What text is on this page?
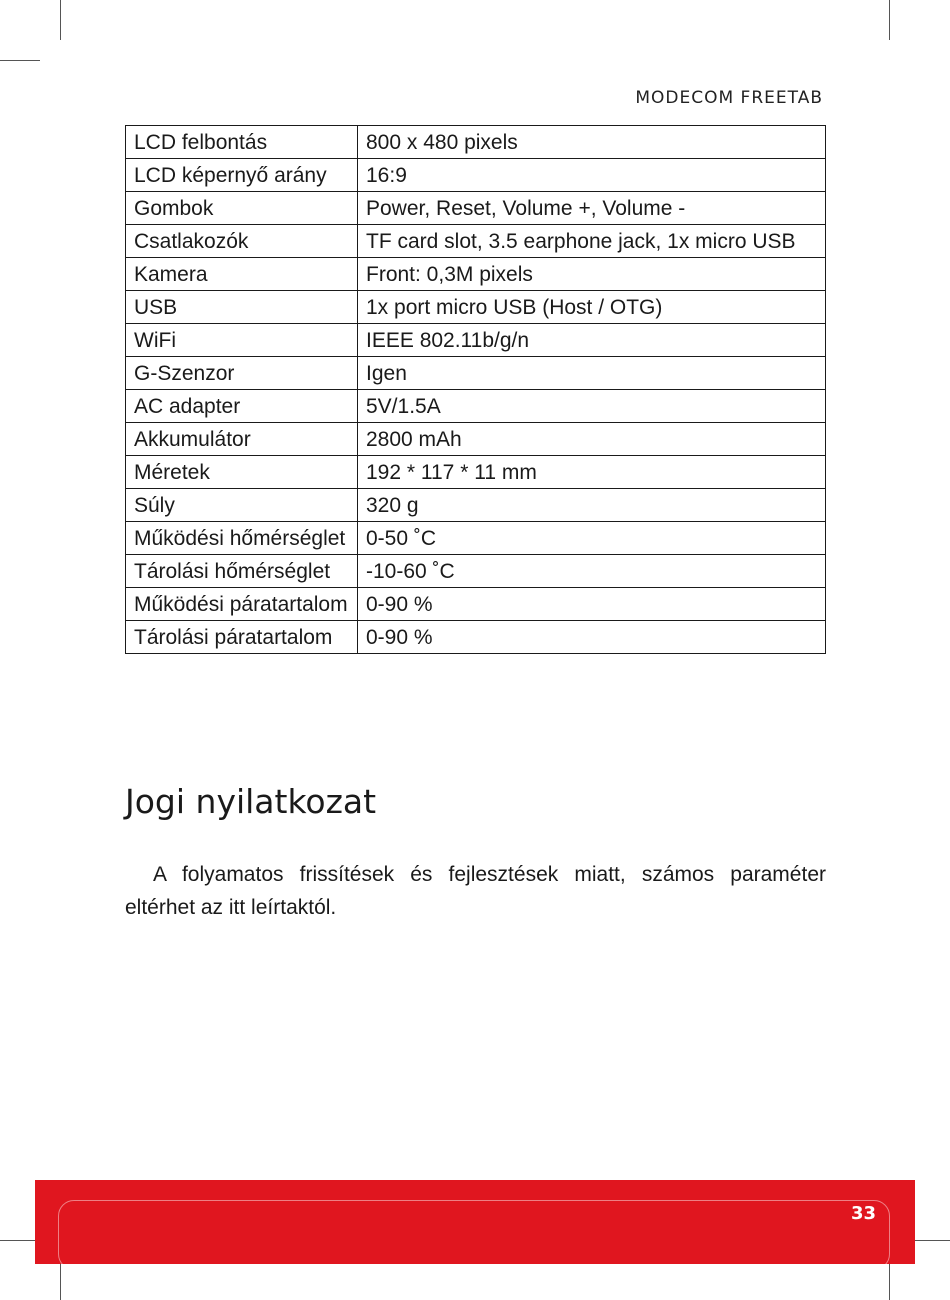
MODECOM FREETAB
LCD felbontás	800 x 480 pixels
LCD képernyő arány	16:9
Gombok	Power, Reset, Volume +, Volume -
Csatlakozók	TF card slot, 3.5 earphone jack, 1x micro USB
Kamera	Front: 0,3M pixels
USB	1x port micro USB (Host / OTG)
WiFi	IEEE 802.11b/g/n
G-Szenzor	Igen
AC adapter	5V/1.5A
Akkumulátor	2800 mAh
Méretek	192 * 117 * 11 mm
Súly	320 g
Működési hőmérséglet	0-50 ˚C
Tárolási hőmérséglet	-10-60 ˚C
Működési páratartalom	0-90 %
Tárolási páratartalom	0-90 %
Jogi nyilatkozat
A folyamatos frissítések és fejlesztések miatt, számos paraméter eltérhet az itt leírtaktól.
33
